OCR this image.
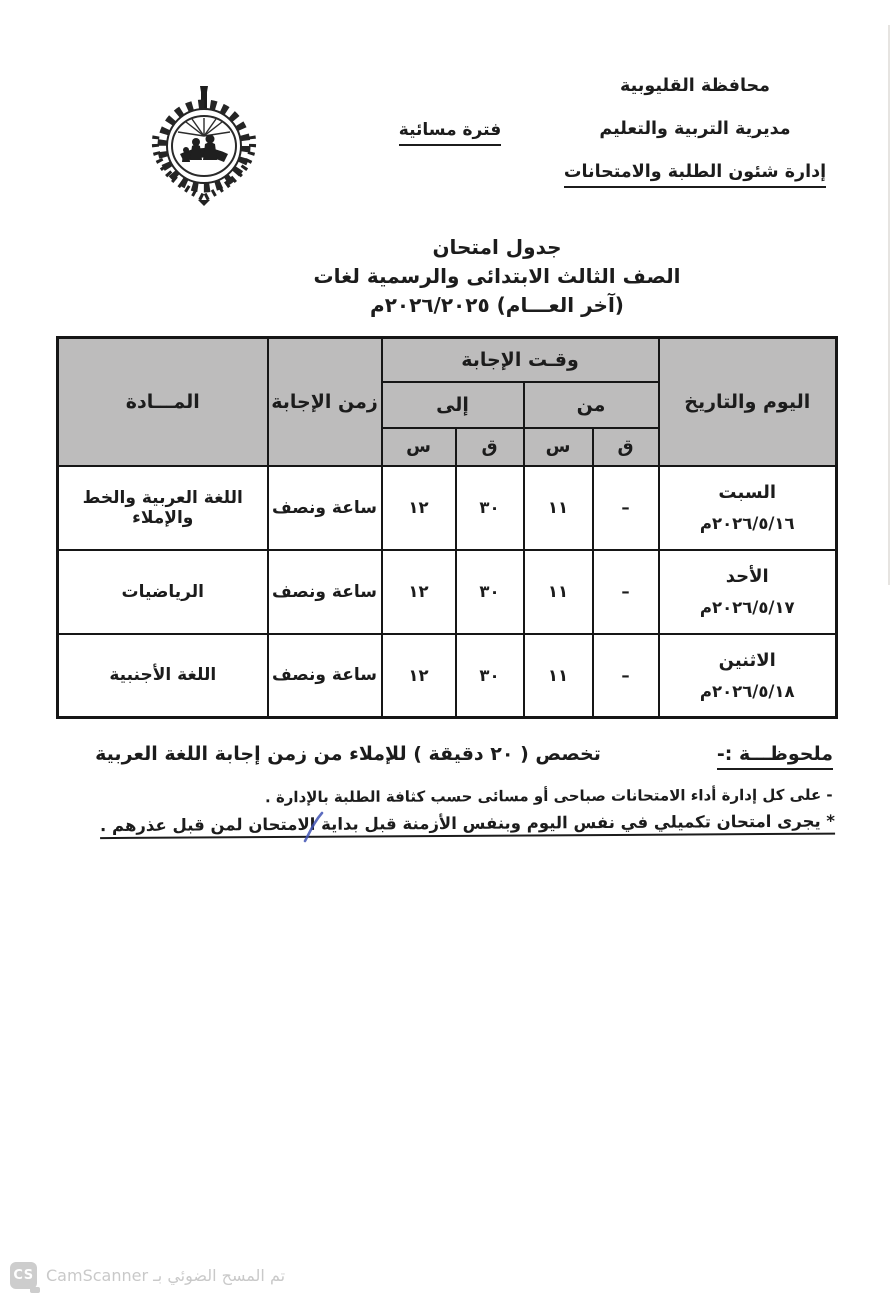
فترة مسائية
محافظة القليوبية
مديرية التربية والتعليم
إدارة شئون الطلبة والامتحانات
جدول امتحان
الصف الثالث الابتدائى والرسمية لغات
(آخر العـــام) ٢٠٢٦/٢٠٢٥م
اليوم والتاريخ	وقـت الإجابة				زمن الإجابة	المـــادة
	من		إلى			
	ق	س	ق	س		

السبت
٢٠٢٦/٥/١٦م	–	١١	٣٠	١٢	ساعة ونصف	اللغة العربية والخط والإملاء

الأحد
٢٠٢٦/٥/١٧م	–	١١	٣٠	١٢	ساعة ونصف	الرياضيات

الاثنين
٢٠٢٦/٥/١٨م	–	١١	٣٠	١٢	ساعة ونصف	اللغة الأجنبية
ملحوظـــة :-
تخصص ( ٢٠ دقيقة ) للإملاء من زمن إجابة اللغة العربية
- على كل إدارة أداء الامتحانات صباحى أو مسائى حسب كثافة الطلبة بالإدارة .
* يجرى امتحان تكميلي في نفس اليوم وبنفس الأزمنة قبل بداية الامتحان لمن قبل عذرهم .
CS تم المسح الضوئي بـ CamScanner
